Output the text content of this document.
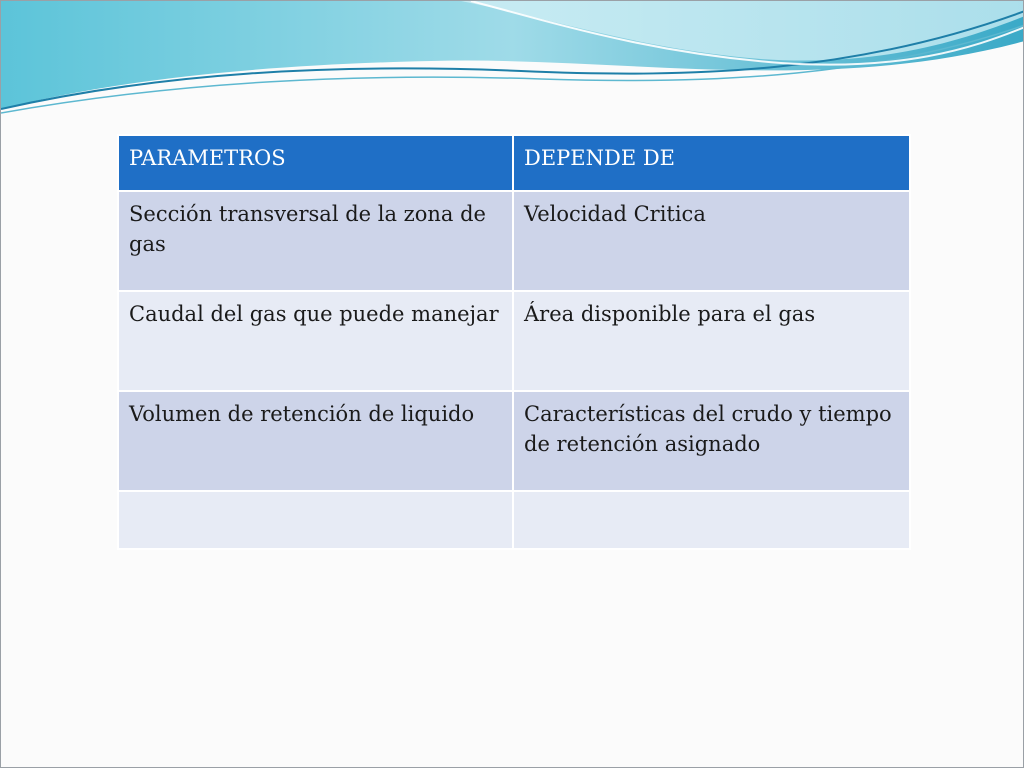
PARAMETROS	DEPENDE DE
Sección transversal de la zona de gas	Velocidad Critica
Caudal del gas que puede manejar	Área disponible para el gas
Volumen de retención de liquido	Características del crudo y tiempo de retención asignado
